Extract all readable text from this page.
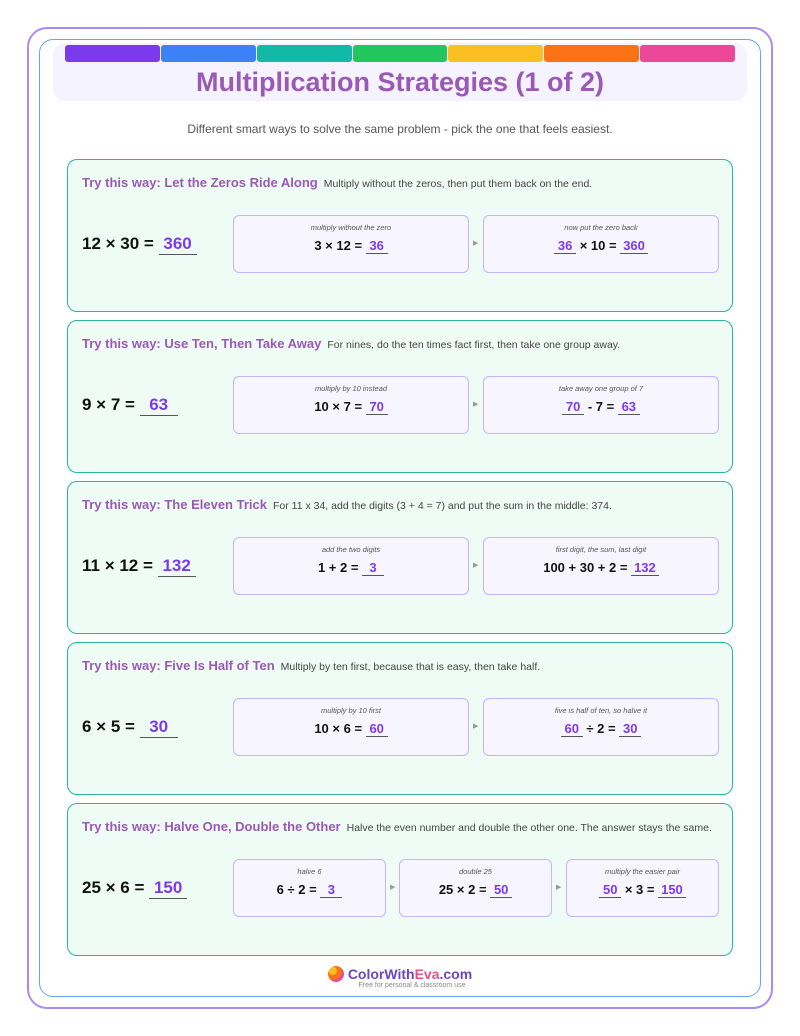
Multiplication Strategies (1 of 2)
Different smart ways to solve the same problem - pick the one that feels easiest.
Try this way: Let the Zeros Ride Along Multiply without the zeros, then put them back on the end.
12 × 30 = 360
multiply without the zero
3 × 12 = 36	▶
now put the zero back
36 × 10 = 360
Try this way: Use Ten, Then Take Away For nines, do the ten times fact first, then take one group away.
9 × 7 = 63
multiply by 10 instead
10 × 7 = 70	▶
take away one group of 7
70 - 7 = 63
Try this way: The Eleven Trick For 11 x 34, add the digits (3 + 4 = 7) and put the sum in the middle: 374.
11 × 12 = 132
add the two digits
1 + 2 = 3	▶
first digit, the sum, last digit
100 + 30 + 2 = 132
Try this way: Five Is Half of Ten Multiply by ten first, because that is easy, then take half.
6 × 5 = 30
multiply by 10 first
10 × 6 = 60	▶
five is half of ten, so halve it
60 ÷ 2 = 30
Try this way: Halve One, Double the Other Halve the even number and double the other one. The answer stays the same.
25 × 6 = 150
halve 6
6 ÷ 2 = 3	▶
double 25
25 × 2 = 50	▶
multiply the easier pair
50 × 3 = 150
ColorWithEva.com
Free for personal & classroom use
